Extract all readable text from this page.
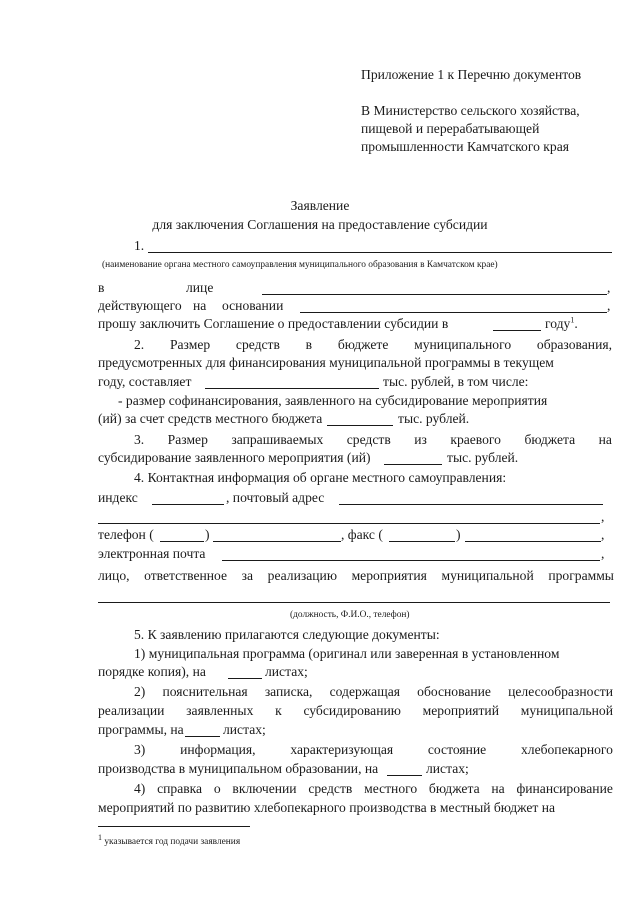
Приложение 1 к Перечню документов
В Министерство сельского хозяйства,
пищевой и перерабатывающей
промышленности Камчатского края
Заявление
для заключения Соглашения на предоставление субсидии
1.
(наименование органа местного самоуправления муниципального образования в Камчатском крае)
в	лице	,
действующего на основании	,
прошу заключить Соглашение о предоставлении субсидии в	году$^1$.
2. Размер средств в бюджете муниципального образования,
предусмотренных для финансирования муниципальной программы в текущем
году, составляет	тыс. рублей, в том числе:
- размер софинансирования, заявленного на субсидирование мероприятия
(ий) за счет средств местного бюджета	тыс. рублей.
3. Размер запрашиваемых средств из краевого бюджета на
субсидирование заявленного мероприятия (ий)	тыс. рублей.
4. Контактная информация об органе местного самоуправления:
индекс	, почтовый адрес
,
телефон (	)	, факс (	)	,
электронная почта	,
лицо, ответственное за реализацию мероприятия муниципальной программы
(должность, Ф.И.О., телефон)
5. К заявлению прилагаются следующие документы:
1) муниципальная программа (оригинал или заверенная в установленном
порядке копия), на	листах;
2) пояснительная записка, содержащая обоснование целесообразности
реализации заявленных к субсидированию мероприятий муниципальной
программы, на	листах;
3)	информация,	характеризующая	состояние	хлебопекарного
производства в муниципальном образовании, на	листах;
4) справка о включении средств местного бюджета на финансирование
мероприятий по развитию хлебопекарного производства в местный бюджет на
$^1$ указывается год подачи заявления
